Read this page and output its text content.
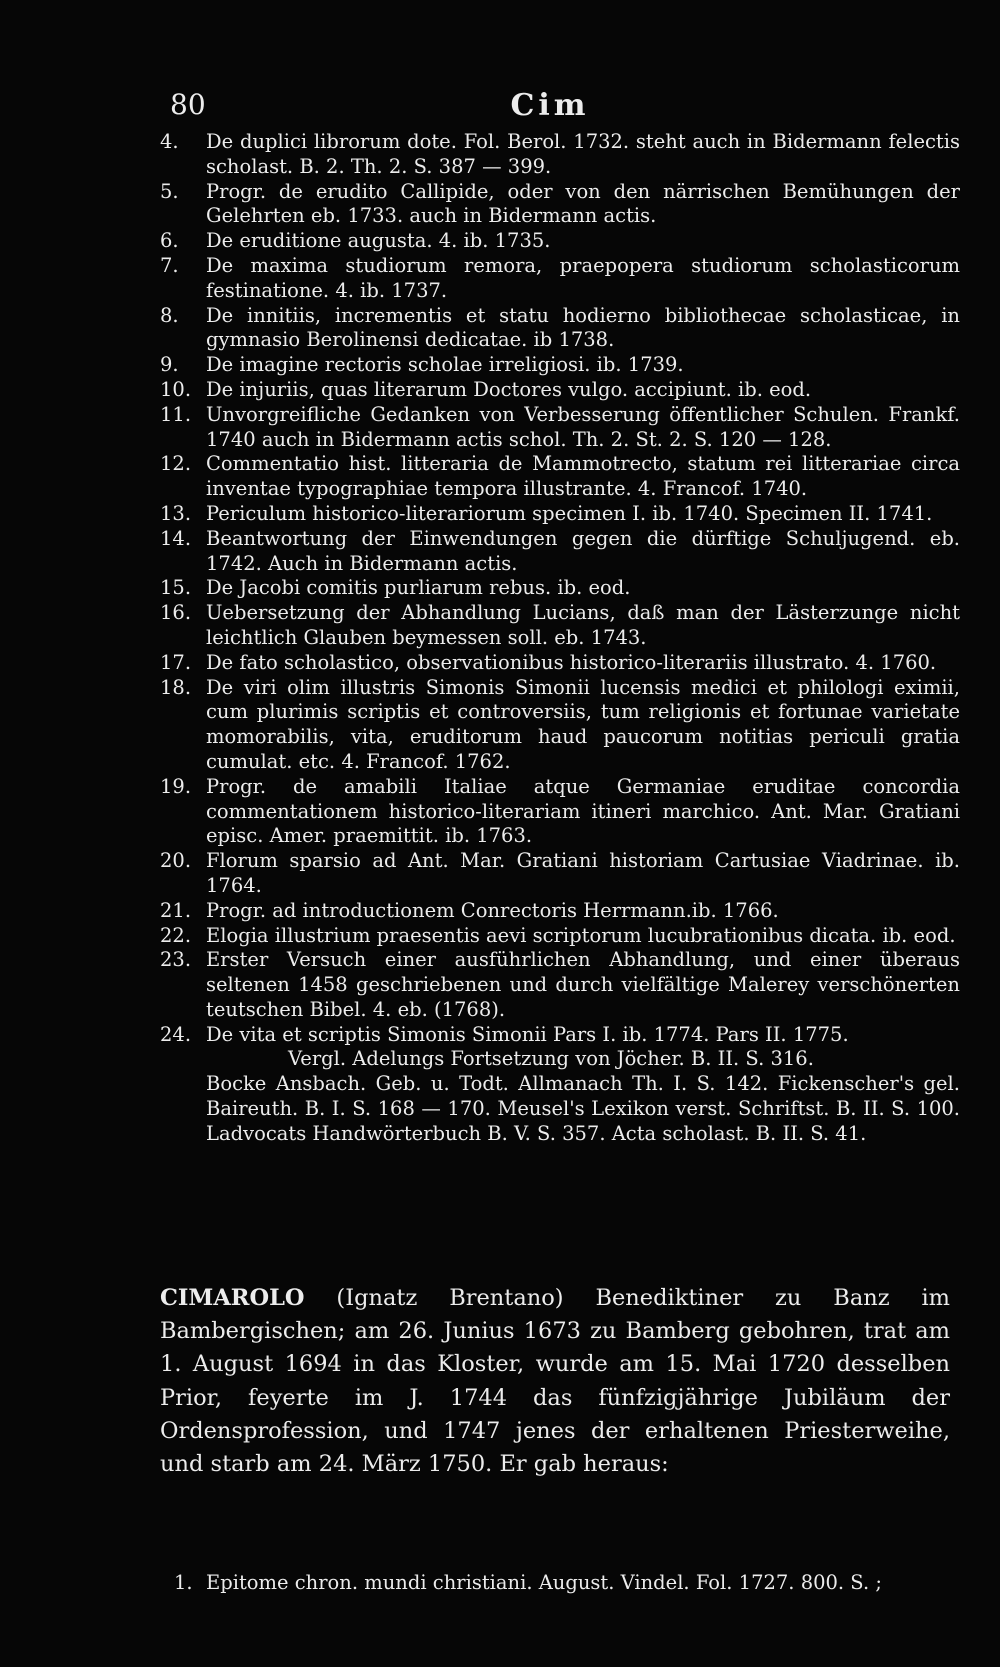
80	Cim
4.	De duplici librorum dote. Fol. Berol. 1732. steht auch in Bidermann felectis scholast. B. 2. Th. 2. S. 387 — 399.
5.	Progr. de erudito Callipide, oder von den närrischen Bemühungen der Gelehrten eb. 1733. auch in Bidermann actis.
6.	De eruditione augusta. 4. ib. 1735.
7.	De maxima studiorum remora, praepopera studiorum scholasticorum festinatione. 4. ib. 1737.
8.	De innitiis, incrementis et statu hodierno bibliothecae scholasticae, in gymnasio Berolinensi dedicatae. ib 1738.
9.	De imagine rectoris scholae irreligiosi. ib. 1739.
10. De injuriis, quas literarum Doctores vulgo. accipiunt. ib. eod.
11. Unvorgreifliche Gedanken von Verbesserung öffentlicher Schulen. Frankf. 1740 auch in Bidermann actis schol. Th. 2. St. 2. S. 120 — 128.
12. Commentatio hist. litteraria de Mammotrecto, statum rei litterariae circa inventae typographiae tempora illustrante. 4. Francof. 1740.
13. Periculum historico-literariorum specimen I. ib. 1740. Specimen II. 1741.
14. Beantwortung der Einwendungen gegen die dürftige Schuljugend. eb. 1742. Auch in Bidermann actis.
15. De Jacobi comitis purliarum rebus. ib. eod.
16. Uebersetzung der Abhandlung Lucians, daß man der Lästerzunge nicht leichtlich Glauben beymessen soll. eb. 1743.
17. De fato scholastico, observationibus historico-literariis illustrato. 4. 1760.
18. De viri olim illustris Simonis Simonii lucensis medici et philologi eximii, cum plurimis scriptis et controversiis, tum religionis et fortunae varietate momorabilis, vita, eruditorum haud paucorum notitias periculi gratia cumulat. etc. 4. Francof. 1762.
19. Progr. de amabili Italiae atque Germaniae eruditae concordia commentationem historico-literariam itineri marchico. Ant. Mar. Gratiani episc. Amer. praemittit. ib. 1763.
20. Florum sparsio ad Ant. Mar. Gratiani historiam Cartusiae Viadrinae. ib. 1764.
21. Progr. ad introductionem Conrectoris Herrmann.ib. 1766.
22. Elogia illustrium praesentis aevi scriptorum lucubrationibus dicata. ib. eod.
23. Erster Versuch einer ausführlichen Abhandlung, und einer überaus seltenen 1458 geschriebenen und durch vielfältige Malerey verschönerten teutschen Bibel. 4. eb. (1768).
24. De vita et scriptis Simonis Simonii Pars I. ib. 1774. Pars II. 1775.
Vergl. Adelungs Fortsetzung von Jöcher. B. II. S. 316.
Bocke Ansbach. Geb. u. Todt. Allmanach Th. I. S. 142. Fickenscher's gel. Baireuth. B. I. S. 168 — 170. Meusel's Lexikon verst. Schriftst. B. II. S. 100. Ladvocats Handwörterbuch B. V. S. 357. Acta scholast. B. II. S. 41.
CIMAROLO (Ignatz Brentano) Benediktiner zu Banz im Bambergischen; am 26. Junius 1673 zu Bamberg gebohren, trat am 1. August 1694 in das Kloster, wurde am 15. Mai 1720 desselben Prior, feyerte im J. 1744 das fünfzigjährige Jubiläum der Ordensprofession, und 1747 jenes der erhaltenen Priesterweihe, und starb am 24. März 1750. Er gab heraus:
1. Epitome chron. mundi christiani. August. Vindel. Fol. 1727. 800. S. ;
